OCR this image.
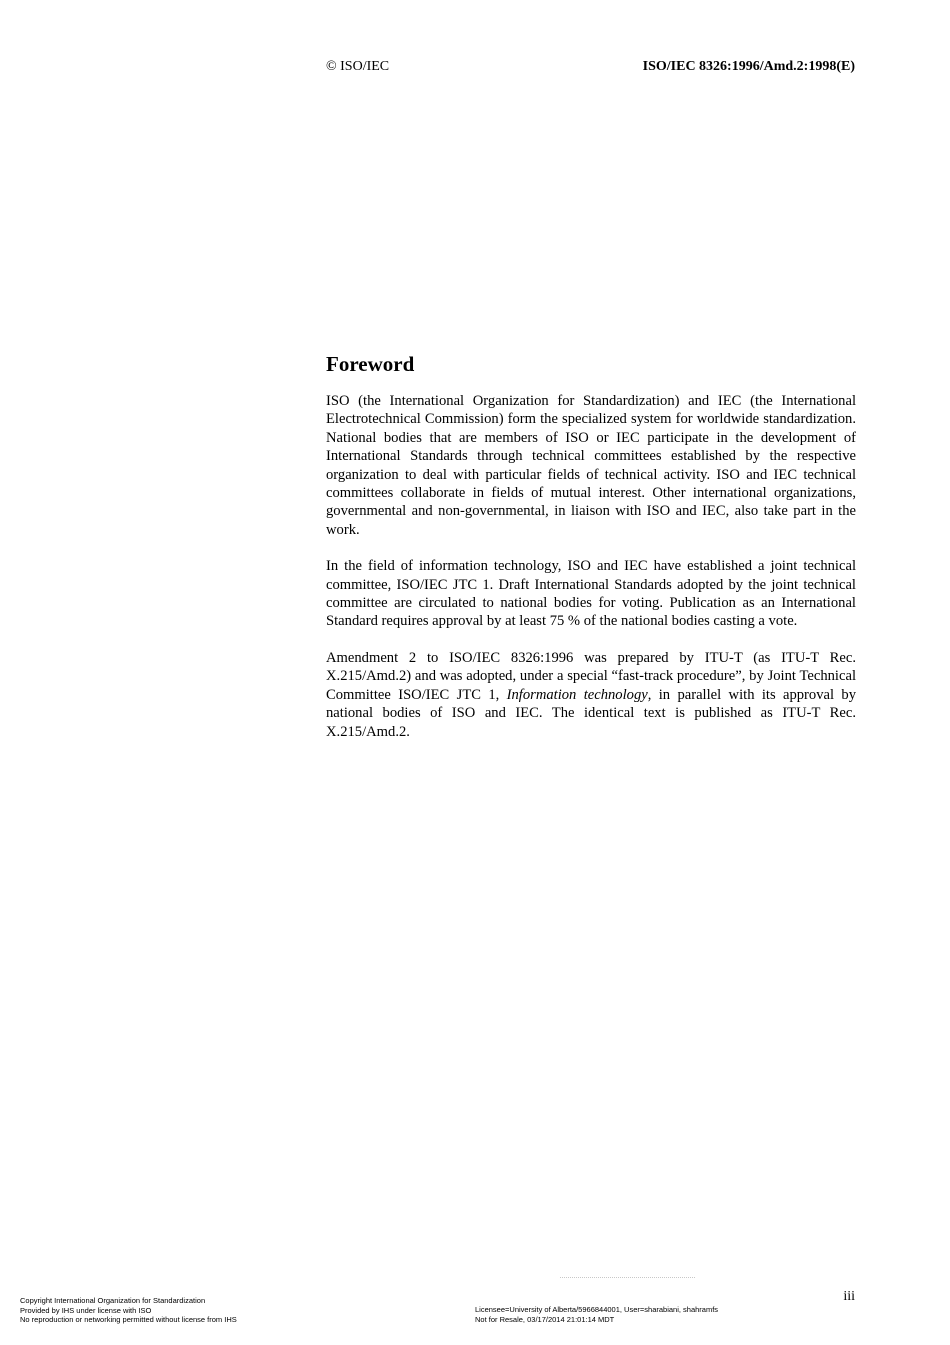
© ISO/IEC	ISO/IEC 8326:1996/Amd.2:1998(E)
Foreword

ISO (the International Organization for Standardization) and IEC (the International Electrotechnical Commission) form the specialized system for worldwide standardization. National bodies that are members of ISO or IEC participate in the development of International Standards through technical committees established by the respective organization to deal with particular fields of technical activity. ISO and IEC technical committees collaborate in fields of mutual interest. Other international organizations, governmental and non-governmental, in liaison with ISO and IEC, also take part in the work.

In the field of information technology, ISO and IEC have established a joint technical committee, ISO/IEC JTC 1. Draft International Standards adopted by the joint technical committee are circulated to national bodies for voting. Publication as an International Standard requires approval by at least 75 % of the national bodies casting a vote.

Amendment 2 to ISO/IEC 8326:1996 was prepared by ITU-T (as ITU-T Rec. X.215/Amd.2) and was adopted, under a special “fast-track procedure”, by Joint Technical Committee ISO/IEC JTC 1, Information technology, in parallel with its approval by national bodies of ISO and IEC. The identical text is published as ITU-T Rec. X.215/Amd.2.

iii
Copyright International Organization for Standardization
Provided by IHS under license with ISO
No reproduction or networking permitted without license from IHS
Licensee=University of Alberta/5966844001, User=sharabiani, shahramfs
Not for Resale, 03/17/2014 21:01:14 MDT
